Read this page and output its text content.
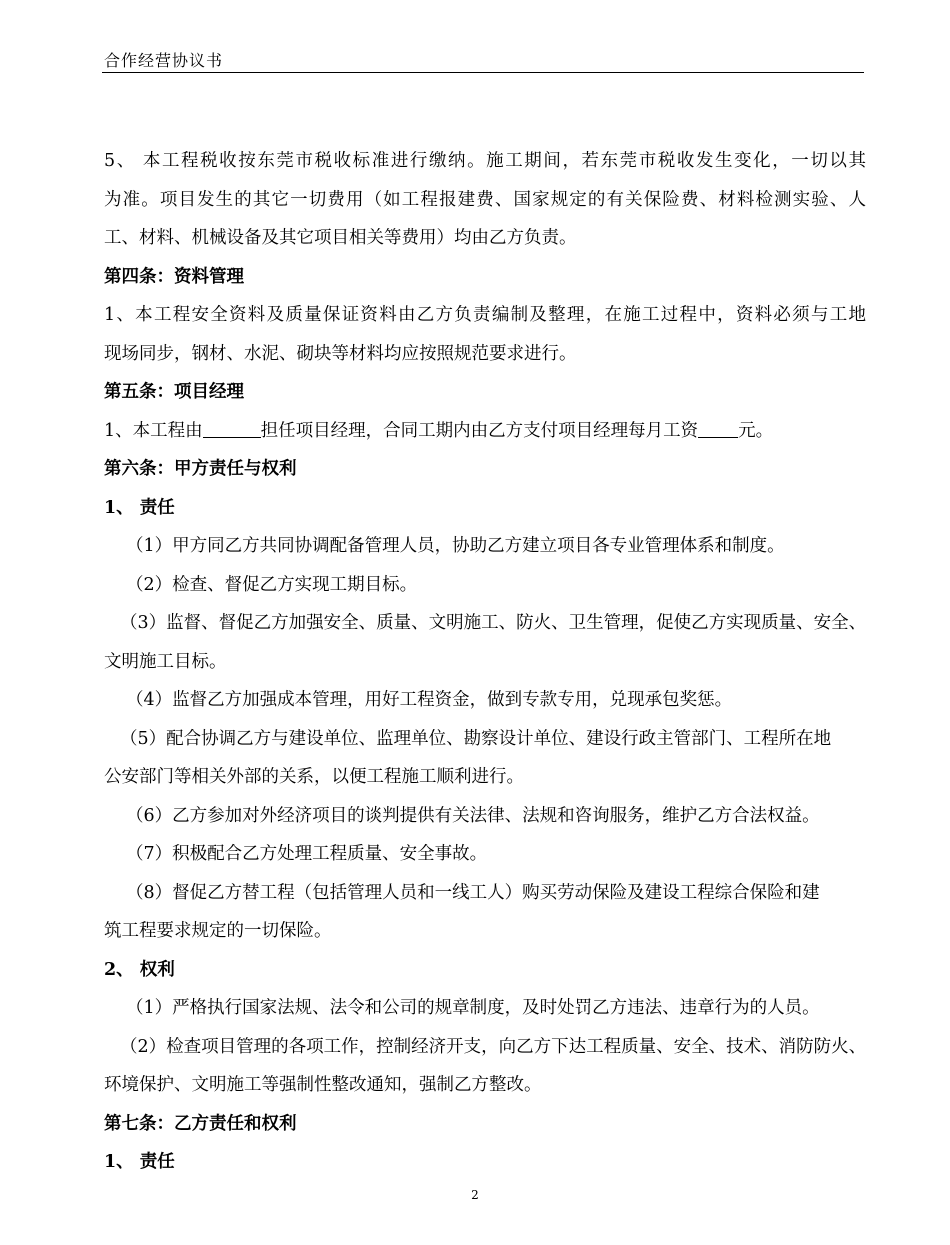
合作经营协议书
5、 本工程税收按东莞市税收标准进行缴纳。施工期间，若东莞市税收发生变化，一切以其
为准。项目发生的其它一切费用（如工程报建费、国家规定的有关保险费、材料检测实验、人
工、材料、机械设备及其它项目相关等费用）均由乙方负责。
第四条：资料管理
1、本工程安全资料及质量保证资料由乙方负责编制及整理，在施工过程中，资料必须与工地
现场同步，钢材、水泥、砌块等材料均应按照规范要求进行。
第五条：项目经理
1、本工程由	担任项目经理，合同工期内由乙方支付项目经理每月工资 元。
第六条：甲方责任与权利
1、 责任
（1）甲方同乙方共同协调配备管理人员，协助乙方建立项目各专业管理体系和制度。
（2）检查、督促乙方实现工期目标。
（3）监督、督促乙方加强安全、质量、文明施工、防火、卫生管理，促使乙方实现质量、安全、
文明施工目标。
（4）监督乙方加强成本管理，用好工程资金，做到专款专用，兑现承包奖惩。
（5）配合协调乙方与建设单位、监理单位、勘察设计单位、建设行政主管部门、工程所在地
公安部门等相关外部的关系，以便工程施工顺利进行。
（6）乙方参加对外经济项目的谈判提供有关法律、法规和咨询服务，维护乙方合法权益。
（7）积极配合乙方处理工程质量、安全事故。
（8）督促乙方替工程（包括管理人员和一线工人）购买劳动保险及建设工程综合保险和建
筑工程要求规定的一切保险。
2、 权利
（1）严格执行国家法规、法令和公司的规章制度，及时处罚乙方违法、违章行为的人员。
（2）检查项目管理的各项工作，控制经济开支，向乙方下达工程质量、安全、技术、消防防火、
环境保护、文明施工等强制性整改通知，强制乙方整改。
第七条：乙方责任和权利
1、 责任
2
